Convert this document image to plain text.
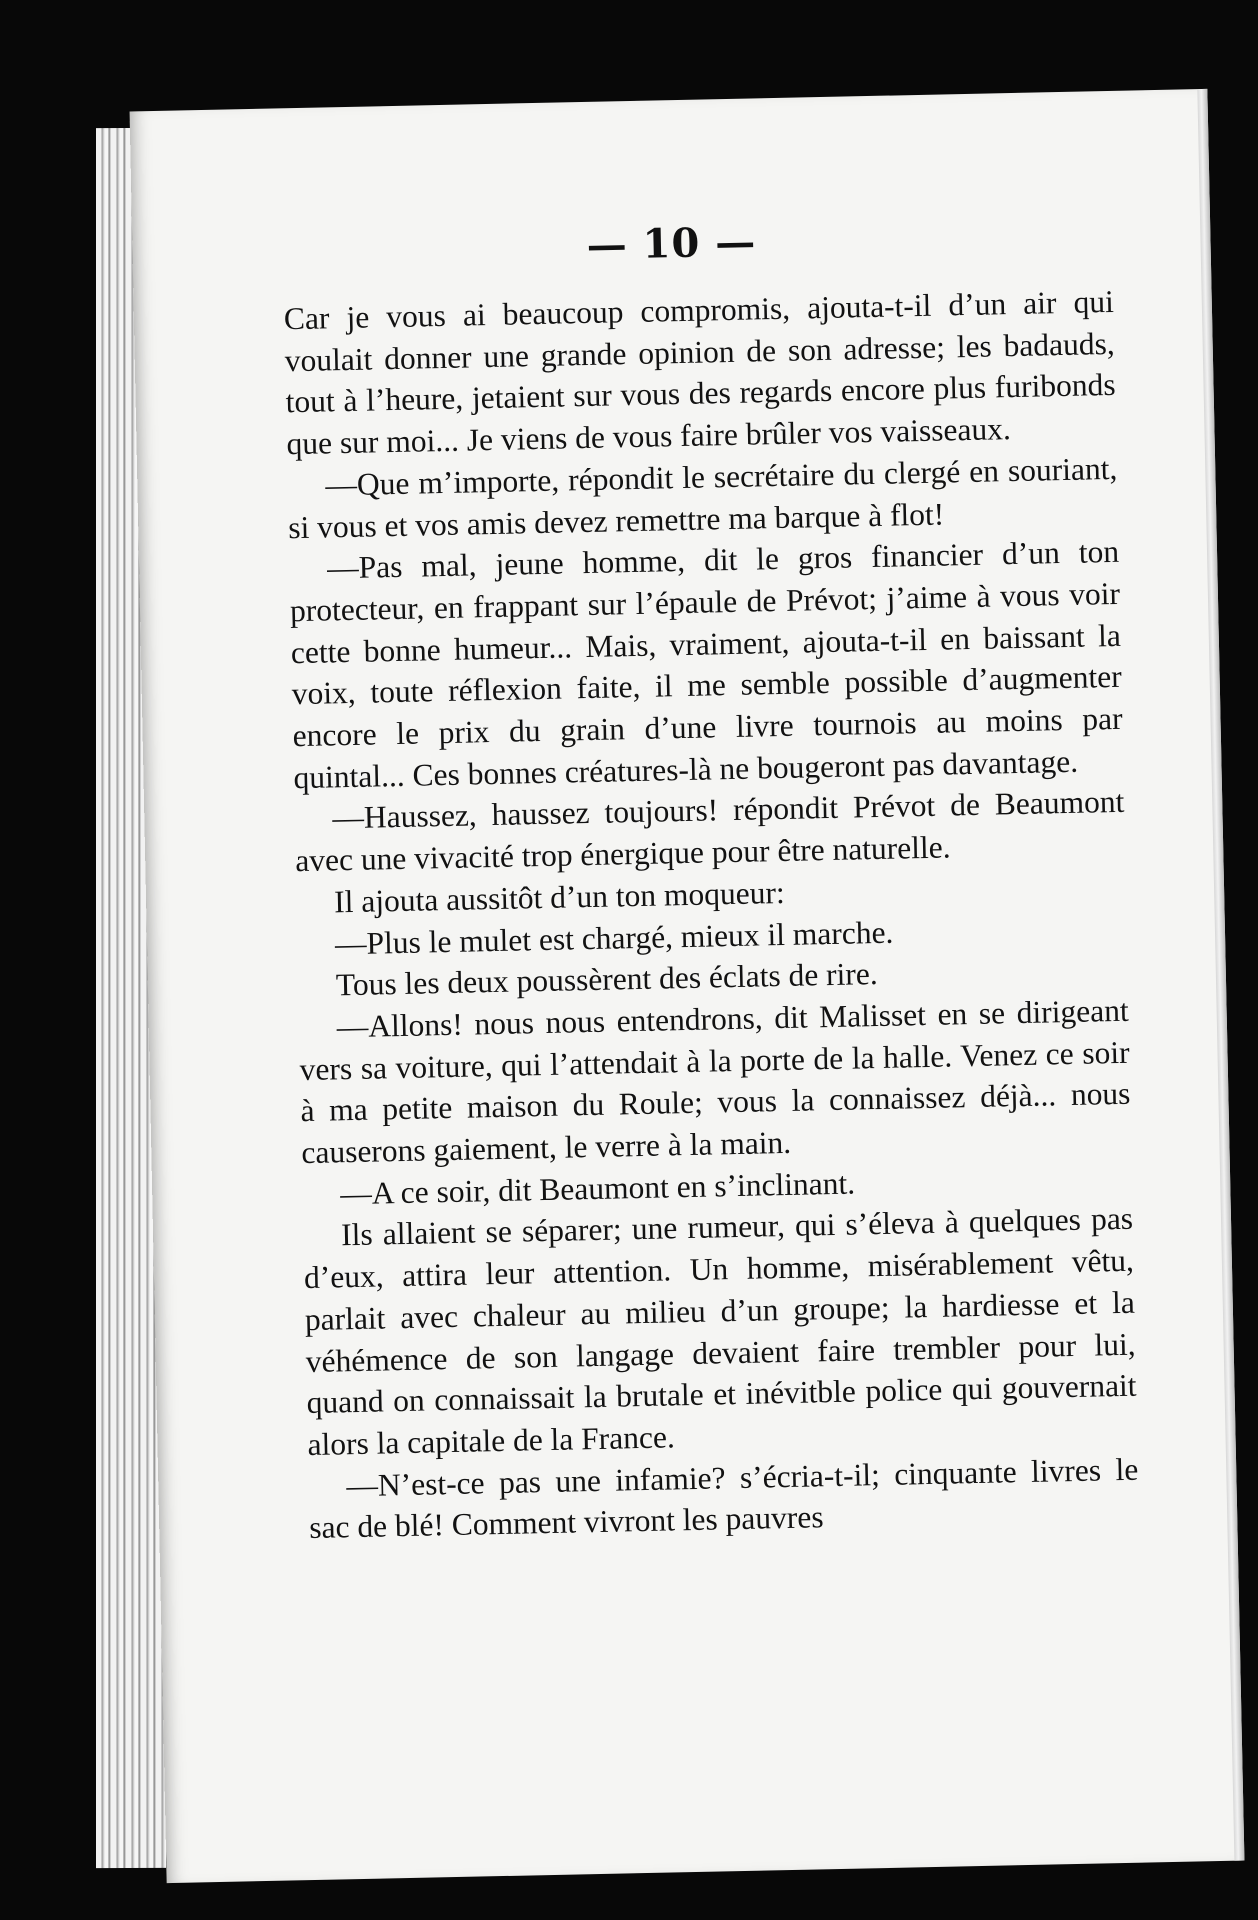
— 10 —

Car je vous ai beaucoup compromis, ajouta-t-il d’un air qui voulait donner une grande opinion de son adresse; les badauds, tout à l’heure, jetaient sur vous des regards encore plus furibonds que sur moi... Je viens de vous faire brûler vos vaisseaux.

—Que m’importe, répondit le secrétaire du clergé en souriant, si vous et vos amis devez remettre ma barque à flot!

—Pas mal, jeune homme, dit le gros financier d’un ton protecteur, en frappant sur l’épaule de Prévot; j’aime à vous voir cette bonne humeur... Mais, vraiment, ajouta-t-il en baissant la voix, toute réflexion faite, il me semble possible d’augmenter encore le prix du grain d’une livre tournois au moins par quintal... Ces bonnes créatures-là ne bougeront pas davantage.

—Haussez, haussez toujours! répondit Prévot de Beaumont avec une vivacité trop énergique pour être naturelle.

Il ajouta aussitôt d’un ton moqueur:

—Plus le mulet est chargé, mieux il marche.

Tous les deux poussèrent des éclats de rire.

—Allons! nous nous entendrons, dit Malisset en se dirigeant vers sa voiture, qui l’attendait à la porte de la halle. Venez ce soir à ma petite maison du Roule; vous la connaissez déjà... nous causerons gaiement, le verre à la main.

—A ce soir, dit Beaumont en s’inclinant.

Ils allaient se séparer; une rumeur, qui s’éleva à quelques pas d’eux, attira leur attention. Un homme, misérablement vêtu, parlait avec chaleur au milieu d’un groupe; la hardiesse et la véhémence de son langage devaient faire trembler pour lui, quand on connaissait la brutale et inévitble police qui gouvernait alors la capitale de la France.

—N’est-ce pas une infamie? s’écria-t-il; cinquante livres le sac de blé! Comment vivront les pauvres
